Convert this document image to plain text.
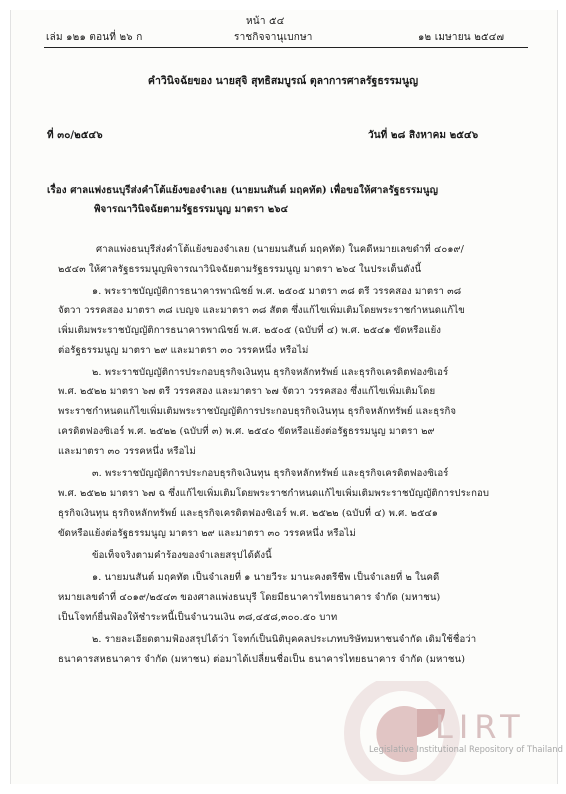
หน้า ๕๔
เล่ม ๑๒๑ ตอนที่ ๒๖ ก	ราชกิจจานุเบกษา	๑๒ เมษายน ๒๕๔๗
คำวินิจฉัยของ นายสุจิ สุทธิสมบูรณ์ ตุลาการศาลรัฐธรรมนูญ
ที่ ๓๐/๒๕๔๖	วันที่ ๒๘ สิงหาคม ๒๕๔๖
เรื่อง ศาลแพ่งธนบุรีส่งคำโต้แย้งของจำเลย (นายมนสันต์ มฤคทัต) เพื่อขอให้ศาลรัฐธรรมนูญ
พิจารณาวินิจฉัยตามรัฐธรรมนูญ มาตรา ๒๖๔
ศาลแพ่งธนบุรีส่งคำโต้แย้งของจำเลย (นายมนสันต์ มฤคทัต) ในคดีหมายเลขดำที่ ๔๐๑๙/
๒๕๔๓ ให้ศาลรัฐธรรมนูญพิจารณาวินิจฉัยตามรัฐธรรมนูญ มาตรา ๒๖๔ ในประเด็นดังนี้
๑. พระราชบัญญัติการธนาคารพาณิชย์ พ.ศ. ๒๕๐๕ มาตรา ๓๘ ตรี วรรคสอง มาตรา ๓๘
จัตวา วรรคสอง มาตรา ๓๘ เบญจ และมาตรา ๓๘ สัตต ซึ่งแก้ไขเพิ่มเติมโดยพระราชกำหนดแก้ไข
เพิ่มเติมพระราชบัญญัติการธนาคารพาณิชย์ พ.ศ. ๒๕๐๕ (ฉบับที่ ๔) พ.ศ. ๒๕๔๑ ขัดหรือแย้ง
ต่อรัฐธรรมนูญ มาตรา ๒๙ และมาตรา ๓๐ วรรคหนึ่ง หรือไม่
๒. พระราชบัญญัติการประกอบธุรกิจเงินทุน ธุรกิจหลักทรัพย์ และธุรกิจเครดิตฟองซิเอร์
พ.ศ. ๒๕๒๒ มาตรา ๖๗ ตรี วรรคสอง และมาตรา ๖๗ จัตวา วรรคสอง ซึ่งแก้ไขเพิ่มเติมโดย
พระราชกำหนดแก้ไขเพิ่มเติมพระราชบัญญัติการประกอบธุรกิจเงินทุน ธุรกิจหลักทรัพย์ และธุรกิจ
เครดิตฟองซิเอร์ พ.ศ. ๒๕๒๒ (ฉบับที่ ๓) พ.ศ. ๒๕๔๐ ขัดหรือแย้งต่อรัฐธรรมนูญ มาตรา ๒๙
และมาตรา ๓๐ วรรคหนึ่ง หรือไม่
๓. พระราชบัญญัติการประกอบธุรกิจเงินทุน ธุรกิจหลักทรัพย์ และธุรกิจเครดิตฟองซิเอร์
พ.ศ. ๒๕๒๒ มาตรา ๖๗ ฉ ซึ่งแก้ไขเพิ่มเติมโดยพระราชกำหนดแก้ไขเพิ่มเติมพระราชบัญญัติการประกอบ
ธุรกิจเงินทุน ธุรกิจหลักทรัพย์ และธุรกิจเครดิตฟองซิเอร์ พ.ศ. ๒๕๒๒ (ฉบับที่ ๔) พ.ศ. ๒๕๔๑
ขัดหรือแย้งต่อรัฐธรรมนูญ มาตรา ๒๙ และมาตรา ๓๐ วรรคหนึ่ง หรือไม่
ข้อเท็จจริงตามคำร้องของจำเลยสรุปได้ดังนี้
๑. นายมนสันต์ มฤคทัต เป็นจำเลยที่ ๑ นายวีระ มานะคงตรีชีพ เป็นจำเลยที่ ๒ ในคดี
หมายเลขดำที่ ๔๐๑๙/๒๕๔๓ ของศาลแพ่งธนบุรี โดยมีธนาคารไทยธนาคาร จำกัด (มหาชน)
เป็นโจทก์ยื่นฟ้องให้ชำระหนี้เป็นจำนวนเงิน ๓๘,๔๕๘,๓๐๐.๕๐ บาท
๒. รายละเอียดตามฟ้องสรุปได้ว่า โจทก์เป็นนิติบุคคลประเภทบริษัทมหาชนจำกัด เดิมใช้ชื่อว่า
ธนาคารสหธนาคาร จำกัด (มหาชน) ต่อมาได้เปลี่ยนชื่อเป็น ธนาคารไทยธนาคาร จำกัด (มหาชน)
LIRT
Legislative Institutional Repository of Thailand
